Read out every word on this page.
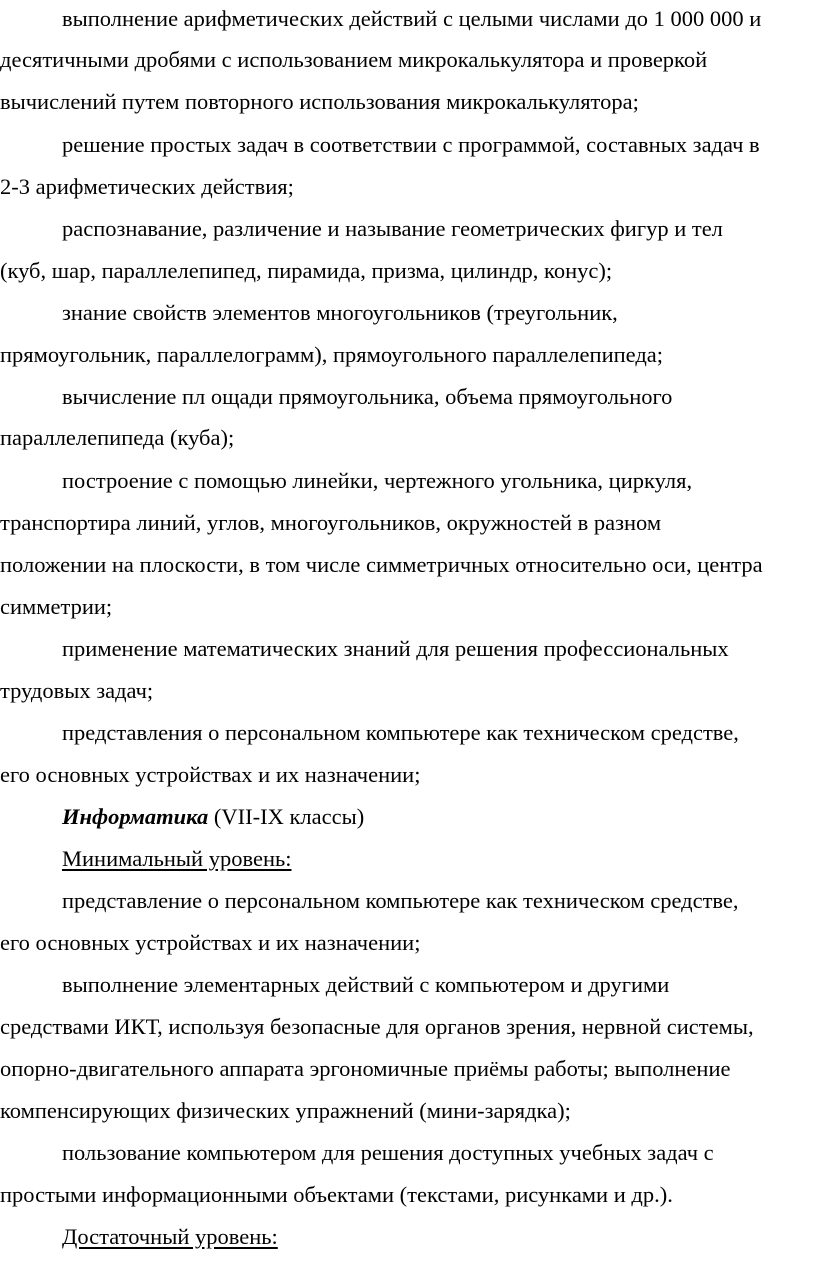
выполнение арифметических действий с целыми числами до 1 000 000 и
десятичными дробями с использованием микрокалькулятора и проверкой
вычислений путем повторного использования микрокалькулятора;
решение простых задач в соответствии с программой, составных задач в
2-3 арифметических действия;
распознавание, различение и называние геометрических фигур и тел
(куб, шар, параллелепипед, пирамида, призма, цилиндр, конус);
знание свойств элементов многоугольников (треугольник,
прямоугольник, параллелограмм), прямоугольного параллелепипеда;
вычисление пл ощади прямоугольника, объема прямоугольного
параллелепипеда (куба);
построение с помощью линейки, чертежного угольника, циркуля,
транспортира линий, углов, многоугольников, окружностей в разном
положении на плоскости, в том числе симметричных относительно оси, центра
симметрии;
применение математических знаний для решения профессиональных
трудовых задач;
представления о персональном компьютере как техническом средстве,
его основных устройствах и их назначении;
Информатика (VII-IX классы)
Минимальный уровень:
представление о персональном компьютере как техническом средстве,
его основных устройствах и их назначении;
выполнение элементарных действий с компьютером и другими
средствами ИКТ, используя безопасные для органов зрения, нервной системы,
опорно-двигательного аппарата эргономичные приёмы работы; выполнение
компенсирующих физических упражнений (мини-зарядка);
пользование компьютером для решения доступных учебных задач с
простыми информационными объектами (текстами, рисунками и др.).
Достаточный уровень:
